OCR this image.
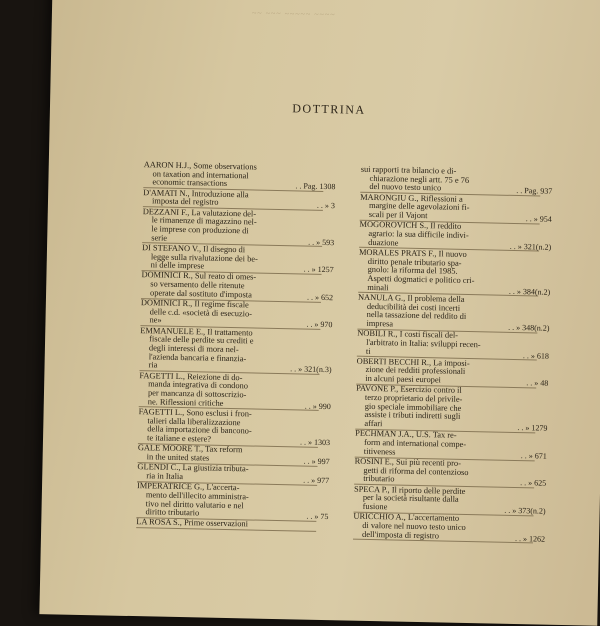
~~ ~~~ ~~~~~ ~~~~
DOTTRINA
AARON H.J., Some observations
on taxation and international
economic transactions	. . Pag. 1308
D'AMATI N., Introduzione alla
imposta del registro	. . » 3
DEZZANI F., La valutazione del-
le rimanenze di magazzino nel-
le imprese con produzione di
serie	. . » 593
DI STEFANO V., Il disegno di
legge sulla rivalutazione dei be-
ni delle imprese	. . » 1257
DOMINICI R., Sul reato di omes-
so versamento delle ritenute
operate dal sostituto d'imposta	. . » 652
DOMINICI R., Il regime fiscale
delle c.d. «società di esecuzio-
ne»	. . » 970
EMMANUELE E., Il trattamento
fiscale delle perdite su crediti e
degli interessi di mora nel-
l'azienda bancaria e finanzia-
ria	. . » 321(n.3)
FAGETTI L., Reiezione di do-
manda integrativa di condono
per mancanza di sottoscrizio-
ne. Riflessioni critiche	. . » 990
FAGETTI L., Sono esclusi i fron-
talieri dalla liberalizzazione
della importazione di bancono-
te italiane e estere?	. . » 1303
GALE MOORE T., Tax reform
in the united states	. . » 997
GLENDI C., La giustizia tributa-
ria in Italia	. . » 977
IMPERATRICE G., L'accerta-
mento dell'illecito amministra-
tivo nel diritto valutario e nel
diritto tributario	. . » 75
LA ROSA S., Prime osservazioni
sui rapporti tra bilancio e di-
chiarazione negli artt. 75 e 76
del nuovo testo unico	. . Pag. 937
MARONGIU G., Riflessioni a
margine delle agevolazioni fi-
scali per il Vajont	. . » 954
MOGOROVICH S., Il reddito
agrario: la sua difficile indivi-
duazione	. . » 321(n.2)
MORALES PRATS F., Il nuovo
diritto penale tributario spa-
gnolo: la riforma del 1985.
Aspetti dogmatici e politico cri-
minali	. . » 384(n.2)
NANULA G., Il problema della
deducibilità dei costi incerti
nella tassazione del reddito di
impresa	. . » 348(n.2)
NOBILI R., I costi fiscali del-
l'arbitrato in Italia: sviluppi recen-
ti	. . » 618
OBERTI BECCHI R., La imposi-
zione dei redditi professionali
in alcuni paesi europei	. . » 48
PAVONE P., Esercizio contro il
terzo proprietario del privile-
gio speciale immobiliare che
assiste i tributi indiretti sugli
affari	. . » 1279
PECHMAN J.A., U.S. Tax re-
form and international compe-
titiveness	. . » 671
ROSINI E., Sui più recenti pro-
getti di riforma del contenzioso
tributario	. . » 625
SPECA P., Il riporto delle perdite
per la società risultante dalla
fusione	. . » 373(n.2)
URICCHIO A., L'accertamento
di valore nel nuovo testo unico
dell'imposta di registro	. . » 1262
